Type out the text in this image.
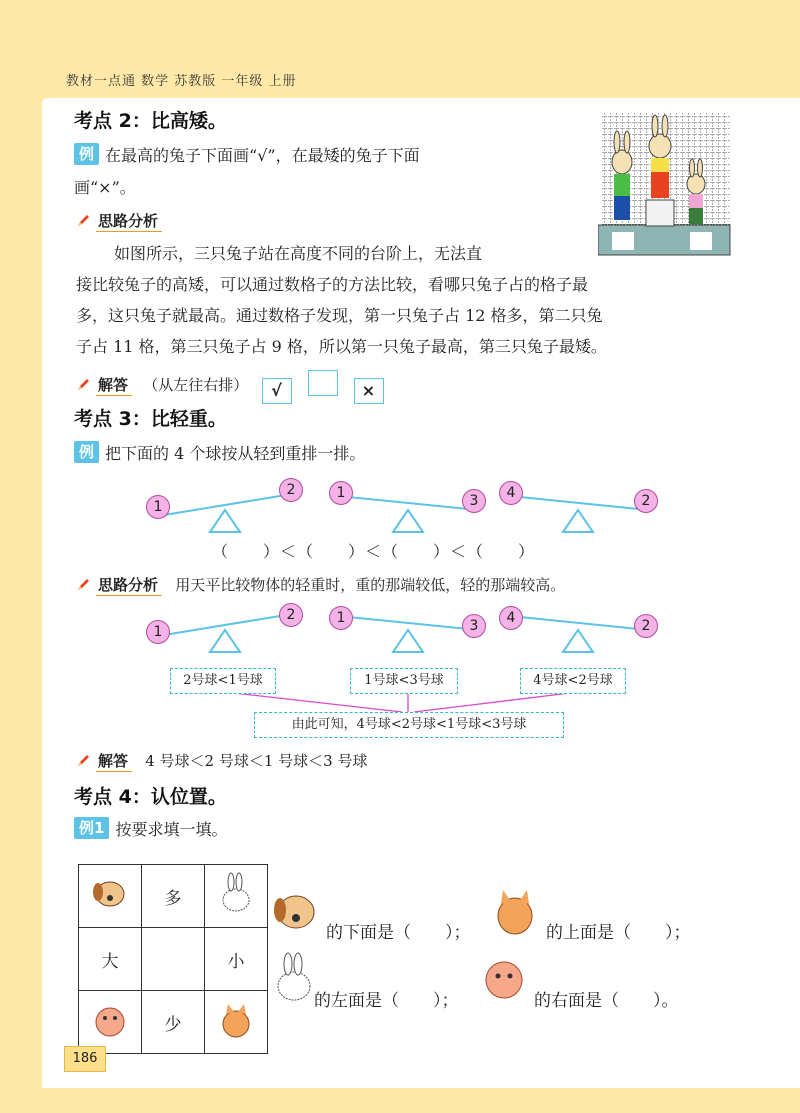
教材一点通 数学 苏教版 一年级 上册
考点 2：比高矮。
例 在最高的兔子下面画“√”，在最矮的兔子下面
画“×”。
思路分析
如图所示，三只兔子站在高度不同的台阶上，无法直
接比较兔子的高矮，可以通过数格子的方法比较，看哪只兔子占的格子最
多，这只兔子就最高。通过数格子发现，第一只兔子占 12 格多，第二只兔
子占 11 格，第三只兔子占 9 格，所以第一只兔子最高，第三只兔子最矮。
解答 （从左往右排） √	×
考点 3：比轻重。
例 把下面的 4 个球按从轻到重排一排。
1
2	1	3	4	2
（　　）＜（　　）＜（　　）＜（　　）
思路分析 用天平比较物体的轻重时，重的那端较低，轻的那端较高。
1
2	1	3	4	2
2号球<1号球	1号球<3号球	4号球<2号球
由此可知，4号球<2号球<1号球<3号球
解答 4 号球＜2 号球＜1 号球＜3 号球
考点 4：认位置。
例1 按要求填一填。
	多	
大		小
	少	
的下面是（　　）；	的上面是（　　）；
的左面是（　　）；	的右面是（　　）。
186
